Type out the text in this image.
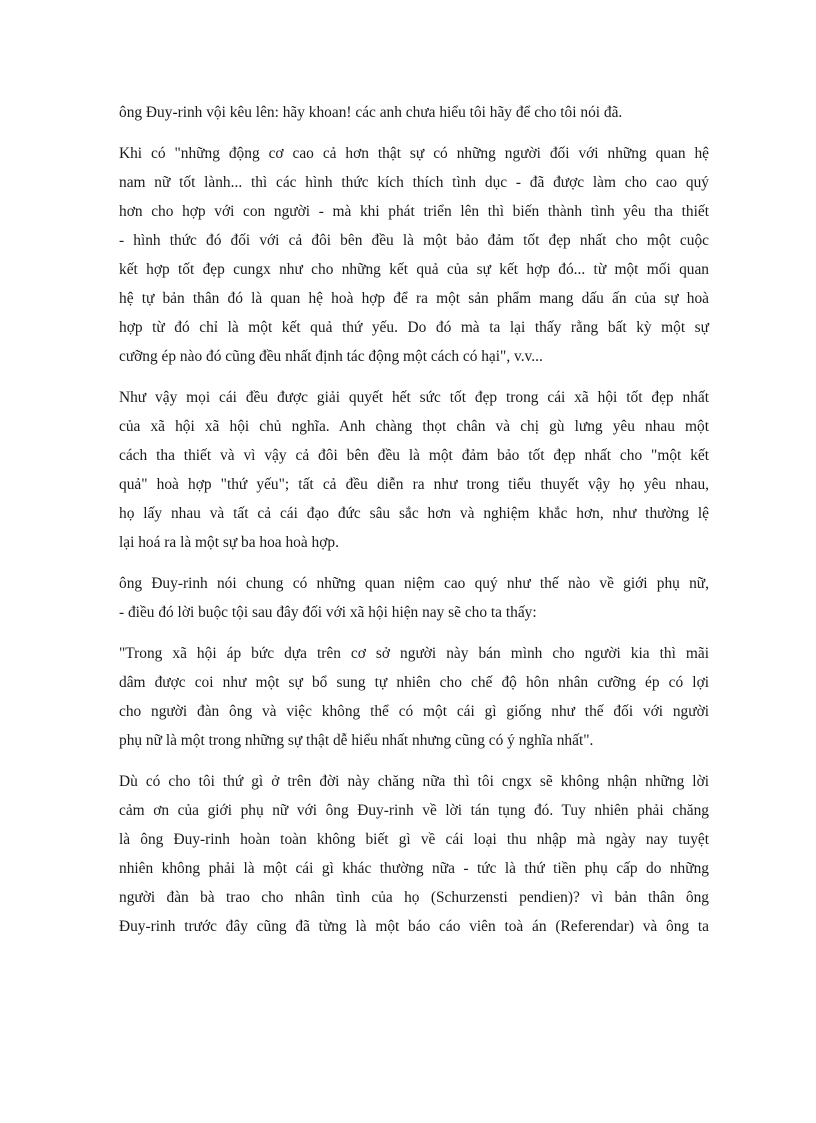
ông Đuy-rinh vội kêu lên: hãy khoan! các anh chưa hiểu tôi hãy để cho tôi nói đã.
Khi có "những động cơ cao cả hơn thật sự có những người đối với những quan hệ
nam nữ tốt lành... thì các hình thức kích thích tình dục - đã được làm cho cao quý
hơn cho hợp với con người - mà khi phát triển lên thì biến thành tình yêu tha thiết
- hình thức đó đối với cả đôi bên đều là một bảo đảm tốt đẹp nhất cho một cuộc
kết hợp tốt đẹp cungx như cho những kết quả của sự kết hợp đó... từ một mối quan
hệ tự bản thân đó là quan hệ hoà hợp để ra một sản phẩm mang dấu ấn của sự hoà
hợp từ đó chỉ là một kết quả thứ yếu. Do đó mà ta lại thấy rằng bất kỳ một sự
cưỡng ép nào đó cũng đều nhất định tác động một cách có hại", v.v...
Như vậy mọi cái đều được giải quyết hết sức tốt đẹp trong cái xã hội tốt đẹp nhất
của xã hội xã hội chủ nghĩa. Anh chàng thọt chân và chị gù lưng yêu nhau một
cách tha thiết và vì vậy cả đôi bên đều là một đảm bảo tốt đẹp nhất cho "một kết
quả" hoà hợp "thứ yếu"; tất cả đều diễn ra như trong tiểu thuyết vậy họ yêu nhau,
họ lấy nhau và tất cả cái đạo đức sâu sắc hơn và nghiệm khắc hơn, như thường lệ
lại hoá ra là một sự ba hoa hoà hợp.
ông Đuy-rinh nói chung có những quan niệm cao quý như thế nào về giới phụ nữ,
- điều đó lời buộc tội sau đây đối với xã hội hiện nay sẽ cho ta thấy:
"Trong xã hội áp bức dựa trên cơ sở người này bán mình cho người kia thì mãi
dâm được coi như một sự bổ sung tự nhiên cho chế độ hôn nhân cưỡng ép có lợi
cho người đàn ông và việc không thể có một cái gì giống như thế đối với người
phụ nữ là một trong những sự thật dễ hiểu nhất nhưng cũng có ý nghĩa nhất".
Dù có cho tôi thứ gì ở trên đời này chăng nữa thì tôi cngx sẽ không nhận những lời
cảm ơn của giới phụ nữ với ông Đuy-rinh về lời tán tụng đó. Tuy nhiên phải chăng
là ông Đuy-rinh hoàn toàn không biết gì về cái loại thu nhập mà ngày nay tuyệt
nhiên không phải là một cái gì khác thường nữa - tức là thứ tiền phụ cấp do những
người đàn bà trao cho nhân tình của họ (Schurzensti pendien)? vì bản thân ông
Đuy-rinh trước đây cũng đã từng là một báo cáo viên toà án (Referendar) và ông ta
